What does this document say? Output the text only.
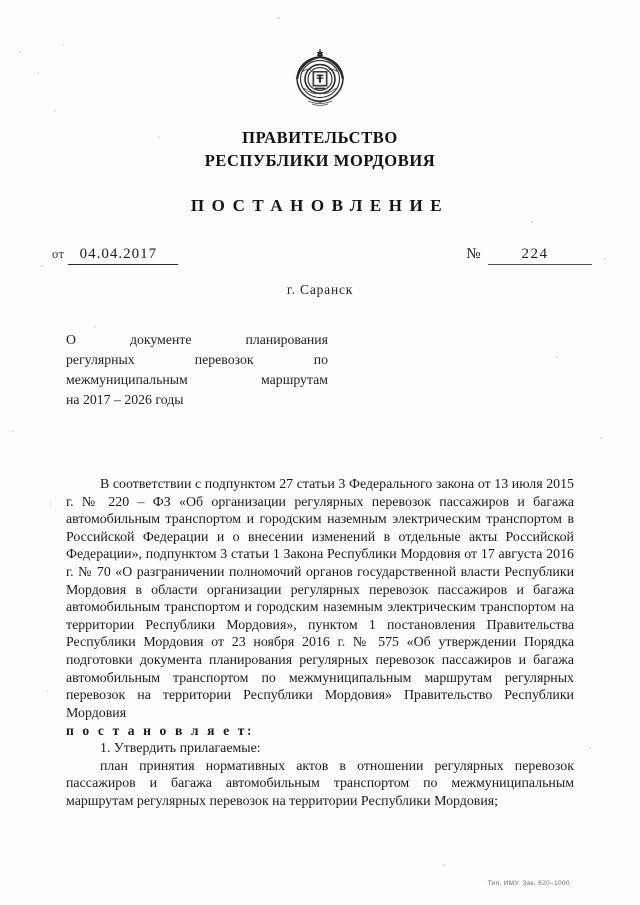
ПРАВИТЕЛЬСТВО
РЕСПУБЛИКИ МОРДОВИЯ
ПОСТАНОВЛЕНИЕ
от	04.04.2017	№	224
г. Саранск
О документе планирования
регулярных перевозок по
межмуниципальным маршрутам
на 2017 – 2026 годы

В соответствии с подпунктом 27 статьи 3 Федерального закона от 13 июля 2015 г. № 220 – ФЗ «Об организации регулярных перевозок пассажиров и багажа автомобильным транспортом и городским наземным электрическим транспортом в Российской Федерации и о внесении изменений в отдельные акты Российской Федерации», подпунктом 3 статьи 1 Закона Республики Мордовия от 17 августа 2016 г. № 70 «О разграничении полномочий органов государственной власти Республики Мордовия в области организации регулярных перевозок пассажиров и багажа автомобильным транспортом и городским наземным электрическим транспортом на территории Республики Мордовия», пунктом 1 постановления Правительства Республики Мордовия от 23 ноября 2016 г. № 575 «Об утверждении Порядка подготовки документа планирования регулярных перевозок пассажиров и багажа автомобильным транспортом по межмуниципальным маршрутам регулярных перевозок на территории Республики Мордовия» Правительство Республики Мордовия

п о с т а н о в л я е т:

1. Утвердить прилагаемые:

план принятия нормативных актов в отношении регулярных перевозок пассажиров и багажа автомобильным транспортом по межмуниципальным маршрутам регулярных перевозок на территории Республики Мордовия;

Тип. ИМУ. Зак. 820–1000.
